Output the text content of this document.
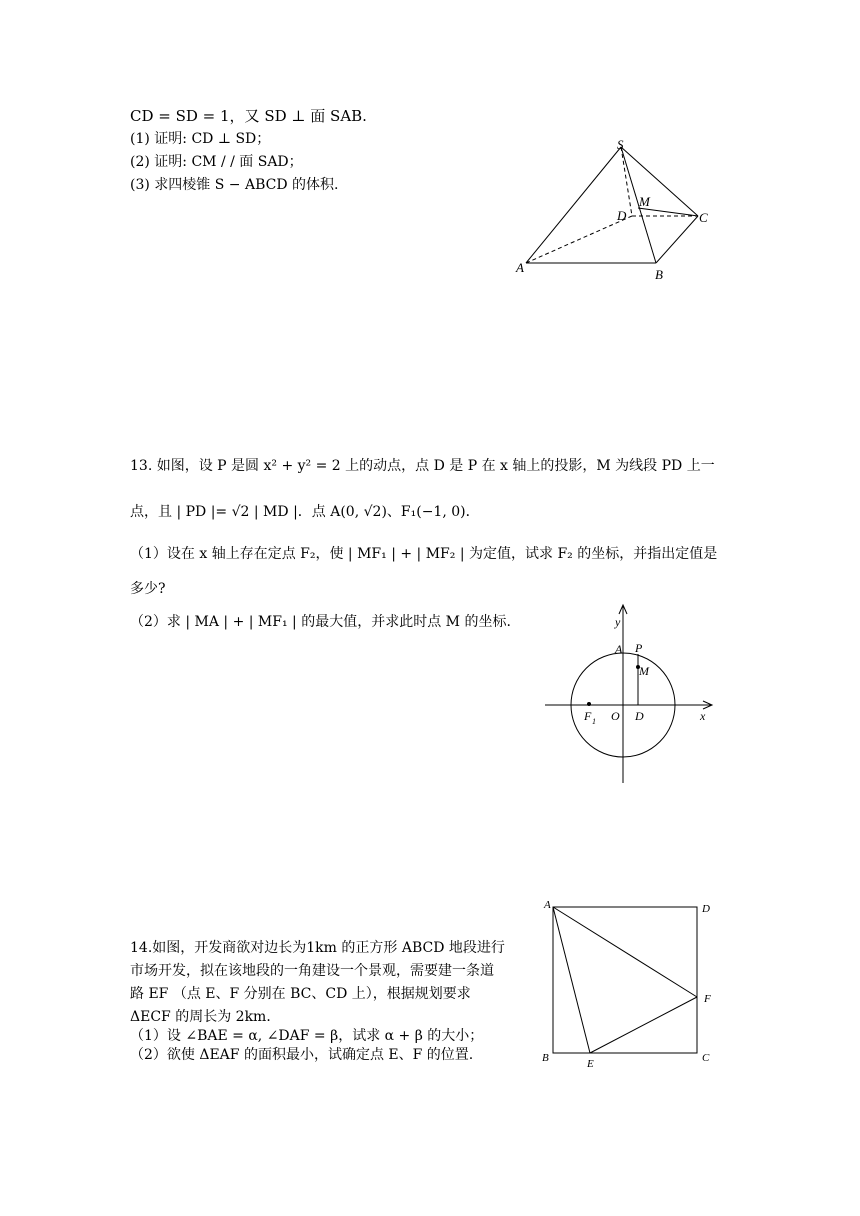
CD = SD = 1，又 SD ⊥ 面 SAB.
(1) 证明: CD ⊥ SD；
(2) 证明: CM / / 面 SAD；
(3) 求四棱锥 S − ABCD 的体积.
S
M
D	C
A	B
13. 如图，设 P 是圆 x² + y² = 2 上的动点，点 D 是 P 在 x 轴上的投影，M 为线段 PD 上一
点，且 | PD |= √2 | MD |．点 A(0, √2)、F₁(−1, 0)．
（1）设在 x 轴上存在定点 F₂，使 | MF₁ | + | MF₂ | 为定值，试求 F₂ 的坐标，并指出定值是
多少?
（2）求 | MA | + | MF₁ | 的最大值，并求此时点 M 的坐标.	y
x
A P
M
F 1 O D
14.如图，开发商欲对边长为1km 的正方形 ABCD 地段进行
市场开发，拟在该地段的一角建设一个景观，需要建一条道
路 EF （点 E、F 分别在 BC、CD 上），根据规划要求
ΔECF 的周长为 2km．
（1）设 ∠BAE = α, ∠DAF = β，试求 α + β 的大小；
（2）欲使 ΔEAF 的面积最小，试确定点 E、F 的位置.
A	D
F
B	E	C
